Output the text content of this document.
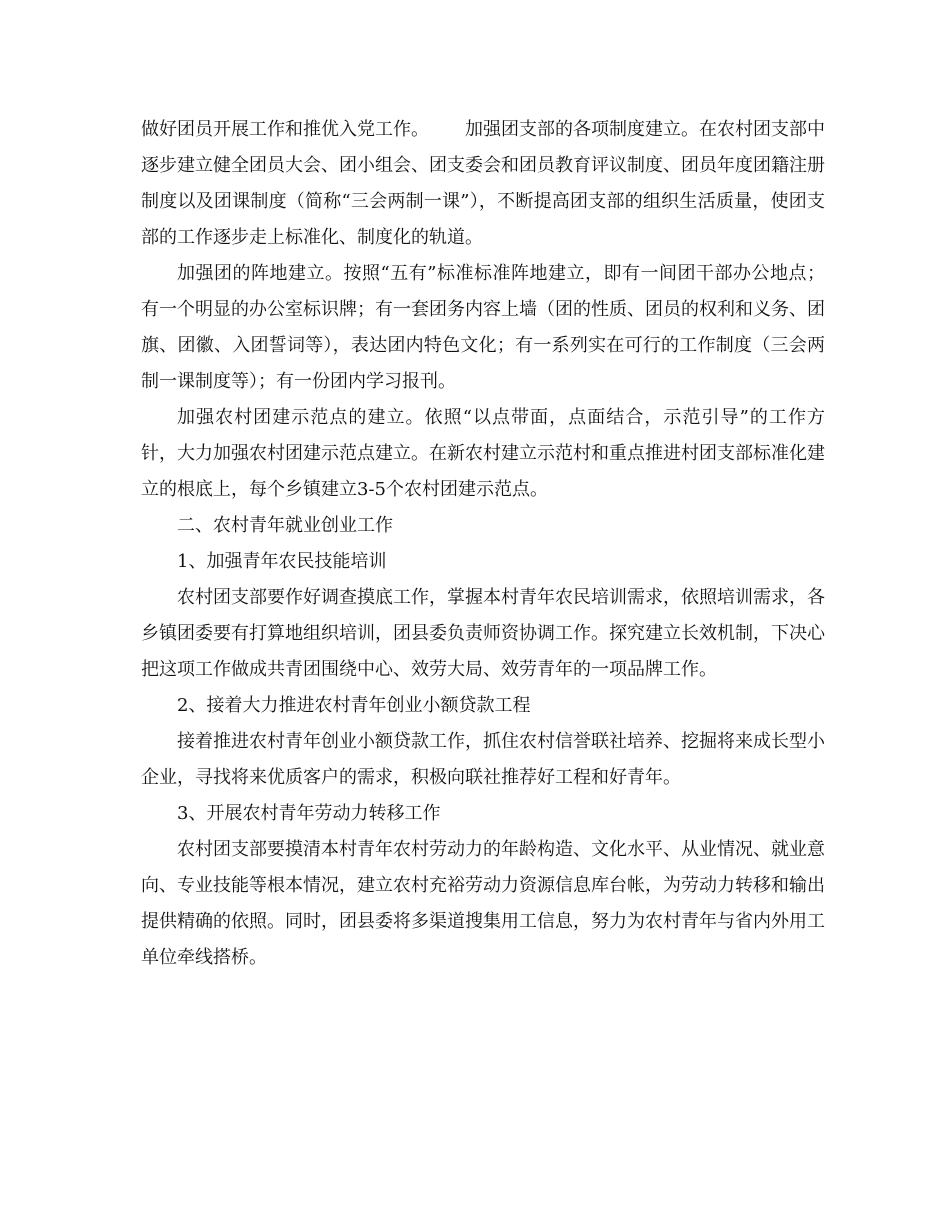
做好团员开展工作和推优入党工作。 加强团支部的各项制度建立。在农村团支部中逐步建立健全团员大会、团小组会、团支委会和团员教育评议制度、团员年度团籍注册制度以及团课制度（简称“三会两制一课”），不断提高团支部的组织生活质量，使团支部的工作逐步走上标准化、制度化的轨道。

加强团的阵地建立。按照“五有”标准标准阵地建立，即有一间团干部办公地点；有一个明显的办公室标识牌；有一套团务内容上墙（团的性质、团员的权利和义务、团旗、团徽、入团誓词等），表达团内特色文化；有一系列实在可行的工作制度（三会两制一课制度等）；有一份团内学习报刊。

加强农村团建示范点的建立。依照“以点带面，点面结合，示范引导”的工作方针，大力加强农村团建示范点建立。在新农村建立示范村和重点推进村团支部标准化建立的根底上，每个乡镇建立3-5个农村团建示范点。

二、农村青年就业创业工作

1、加强青年农民技能培训

农村团支部要作好调查摸底工作，掌握本村青年农民培训需求，依照培训需求，各乡镇团委要有打算地组织培训，团县委负责师资协调工作。探究建立长效机制，下决心把这项工作做成共青团围绕中心、效劳大局、效劳青年的一项品牌工作。

2、接着大力推进农村青年创业小额贷款工程

接着推进农村青年创业小额贷款工作，抓住农村信誉联社培养、挖掘将来成长型小企业，寻找将来优质客户的需求，积极向联社推荐好工程和好青年。

3、开展农村青年劳动力转移工作

农村团支部要摸清本村青年农村劳动力的年龄构造、文化水平、从业情况、就业意向、专业技能等根本情况，建立农村充裕劳动力资源信息库台帐，为劳动力转移和输出提供精确的依照。同时，团县委将多渠道搜集用工信息，努力为农村青年与省内外用工单位牵线搭桥。
